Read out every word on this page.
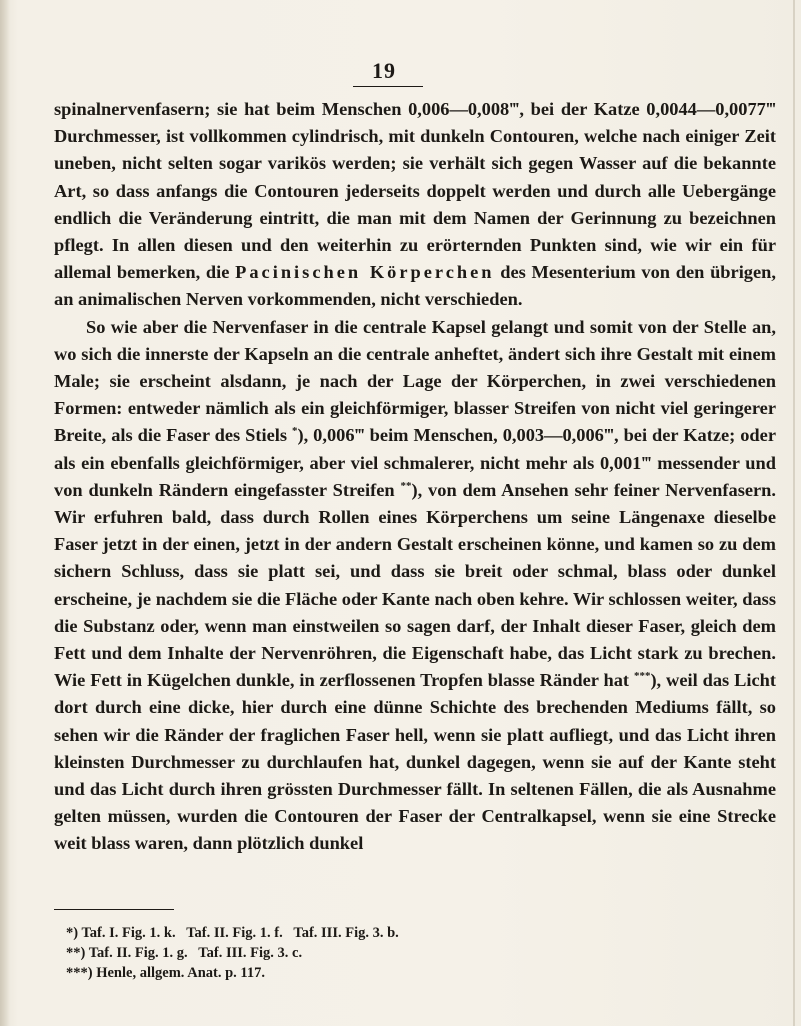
19

spinalnervenfasern; sie hat beim Menschen 0,006—0,008‴, bei der Katze 0,0044—0,0077‴ Durchmesser, ist vollkommen cylindrisch, mit dunkeln Contouren, welche nach einiger Zeit uneben, nicht selten sogar varikös werden; sie verhält sich gegen Wasser auf die bekannte Art, so dass anfangs die Contouren jederseits doppelt werden und durch alle Uebergänge endlich die Veränderung eintritt, die man mit dem Namen der Gerinnung zu bezeichnen pflegt. In allen diesen und den weiterhin zu erörternden Punkten sind, wie wir ein für allemal bemerken, die Pacinischen Körperchen des Mesenterium von den übrigen, an animalischen Nerven vorkommenden, nicht verschieden.

So wie aber die Nervenfaser in die centrale Kapsel gelangt und somit von der Stelle an, wo sich die innerste der Kapseln an die centrale anheftet, ändert sich ihre Gestalt mit einem Male; sie erscheint alsdann, je nach der Lage der Körperchen, in zwei verschiedenen Formen: entweder nämlich als ein gleichförmiger, blasser Streifen von nicht viel geringerer Breite, als die Faser des Stiels *), 0,006‴ beim Menschen, 0,003—0,006‴, bei der Katze; oder als ein ebenfalls gleichförmiger, aber viel schmalerer, nicht mehr als 0,001‴ messender und von dunkeln Rändern eingefasster Streifen **), von dem Ansehen sehr feiner Nervenfasern. Wir erfuhren bald, dass durch Rollen eines Körperchens um seine Längenaxe dieselbe Faser jetzt in der einen, jetzt in der andern Gestalt erscheinen könne, und kamen so zu dem sichern Schluss, dass sie platt sei, und dass sie breit oder schmal, blass oder dunkel erscheine, je nachdem sie die Fläche oder Kante nach oben kehre. Wir schlossen weiter, dass die Substanz oder, wenn man einstweilen so sagen darf, der Inhalt dieser Faser, gleich dem Fett und dem Inhalte der Nervenröhren, die Eigenschaft habe, das Licht stark zu brechen. Wie Fett in Kügelchen dunkle, in zerflossenen Tropfen blasse Ränder hat ***), weil das Licht dort durch eine dicke, hier durch eine dünne Schichte des brechenden Mediums fällt, so sehen wir die Ränder der fraglichen Faser hell, wenn sie platt aufliegt, und das Licht ihren kleinsten Durchmesser zu durchlaufen hat, dunkel dagegen, wenn sie auf der Kante steht und das Licht durch ihren grössten Durchmesser fällt. In seltenen Fällen, die als Ausnahme gelten müssen, wurden die Contouren der Faser der Centralkapsel, wenn sie eine Strecke weit blass waren, dann plötzlich dunkel

*) Taf. I. Fig. 1. k.   Taf. II. Fig. 1. f.   Taf. III. Fig. 3. b.
**) Taf. II. Fig. 1. g.   Taf. III. Fig. 3. c.
***) Henle, allgem. Anat. p. 117.
